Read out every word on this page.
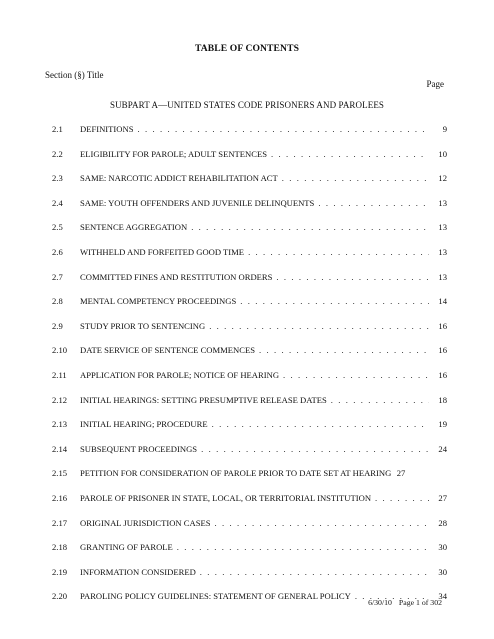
TABLE OF CONTENTS
Section (§) Title
Page
SUBPART A—UNITED STATES CODE PRISONERS AND PAROLEES
2.1	DEFINITIONS . . .	9
2.2	ELIGIBILITY FOR PAROLE; ADULT SENTENCES . . .	10
2.3	SAME: NARCOTIC ADDICT REHABILITATION ACT . . .	12
2.4	SAME: YOUTH OFFENDERS AND JUVENILE DELINQUENTS . . .	13
2.5	SENTENCE AGGREGATION . . .	13
2.6	WITHHELD AND FORFEITED GOOD TIME . . .	13
2.7	COMMITTED FINES AND RESTITUTION ORDERS . . .	13
2.8	MENTAL COMPETENCY PROCEEDINGS . . .	14
2.9	STUDY PRIOR TO SENTENCING . . .	16
2.10	DATE SERVICE OF SENTENCE COMMENCES . . .	16
2.11	APPLICATION FOR PAROLE; NOTICE OF HEARING . . .	16
2.12	INITIAL HEARINGS: SETTING PRESUMPTIVE RELEASE DATES . . .	18
2.13	INITIAL HEARING; PROCEDURE . . .	19
2.14	SUBSEQUENT PROCEEDINGS . . .	24
2.15	PETITION FOR CONSIDERATION OF PAROLE PRIOR TO DATE SET AT HEARING 27
2.16	PAROLE OF PRISONER IN STATE, LOCAL, OR TERRITORIAL INSTITUTION . . .	27
2.17	ORIGINAL JURISDICTION CASES . . .	28
2.18	GRANTING OF PAROLE . . .	30
2.19	INFORMATION CONSIDERED . . .	30
2.20	PAROLING POLICY GUIDELINES: STATEMENT OF GENERAL POLICY . . .	34
6/30/10 Page 1 of 302
